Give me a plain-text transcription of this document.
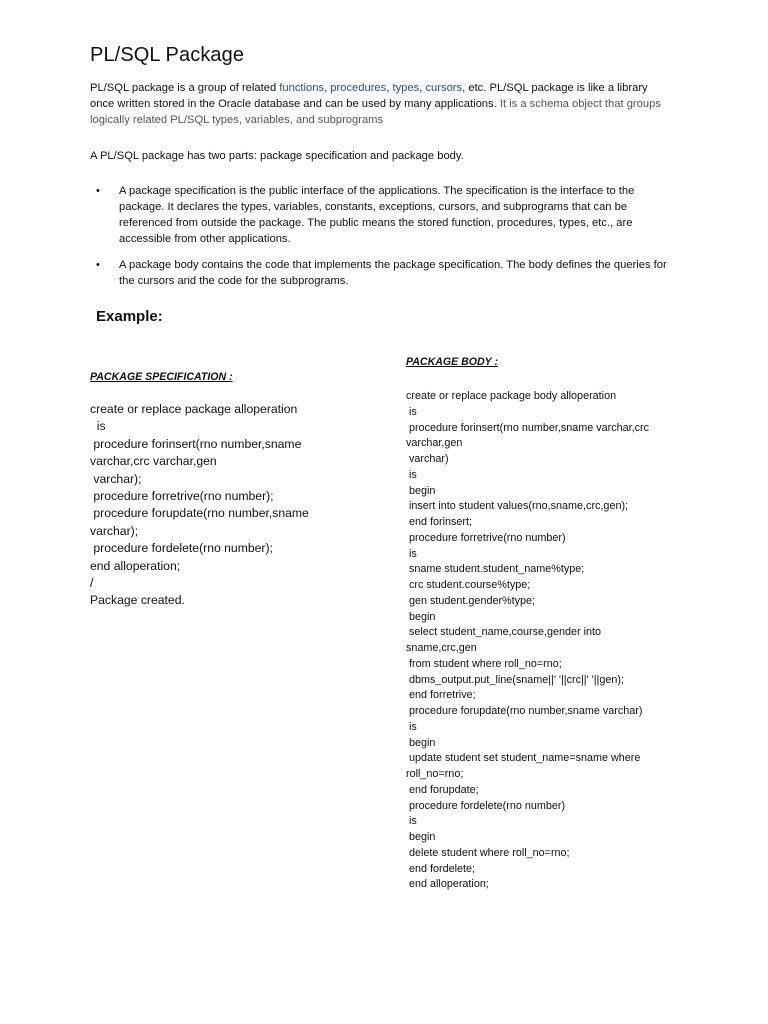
PL/SQL Package
PL/SQL package is a group of related functions, procedures, types, cursors, etc. PL/SQL package is like a library once written stored in the Oracle database and can be used by many applications. It is a schema object that groups logically related PL/SQL types, variables, and subprograms
A PL/SQL package has two parts: package specification and package body.
• A package specification is the public interface of the applications. The specification is the interface to the package. It declares the types, variables, constants, exceptions, cursors, and subprograms that can be referenced from outside the package. The public means the stored function, procedures, types, etc., are accessible from other applications.
• A package body contains the code that implements the package specification. The body defines the queries for the cursors and the code for the subprograms.
Example:
PACKAGE SPECIFICATION :
PACKAGE BODY :
create or replace package alloperation
is
procedure forinsert(rno number,sname
varchar,crc varchar,gen
varchar);
procedure forretrive(rno number);
procedure forupdate(rno number,sname
varchar);
procedure fordelete(rno number);
end alloperation;
/
Package created.
create or replace package body alloperation
is
procedure forinsert(rno number,sname varchar,crc
varchar,gen
varchar)
is
begin
insert into student values(rno,sname,crc,gen);
end forinsert;
procedure forretrive(rno number)
is
sname student.student_name%type;
crc student.course%type;
gen student.gender%type;
begin
select student_name,course,gender into
sname,crc,gen
from student where roll_no=rno;
dbms_output.put_line(sname||' '||crc||' '||gen);
end forretrive;
procedure forupdate(rno number,sname varchar)
is
begin
update student set student_name=sname where
roll_no=rno;
end forupdate;
procedure fordelete(rno number)
is
begin
delete student where roll_no=rno;
end fordelete;
end alloperation;
